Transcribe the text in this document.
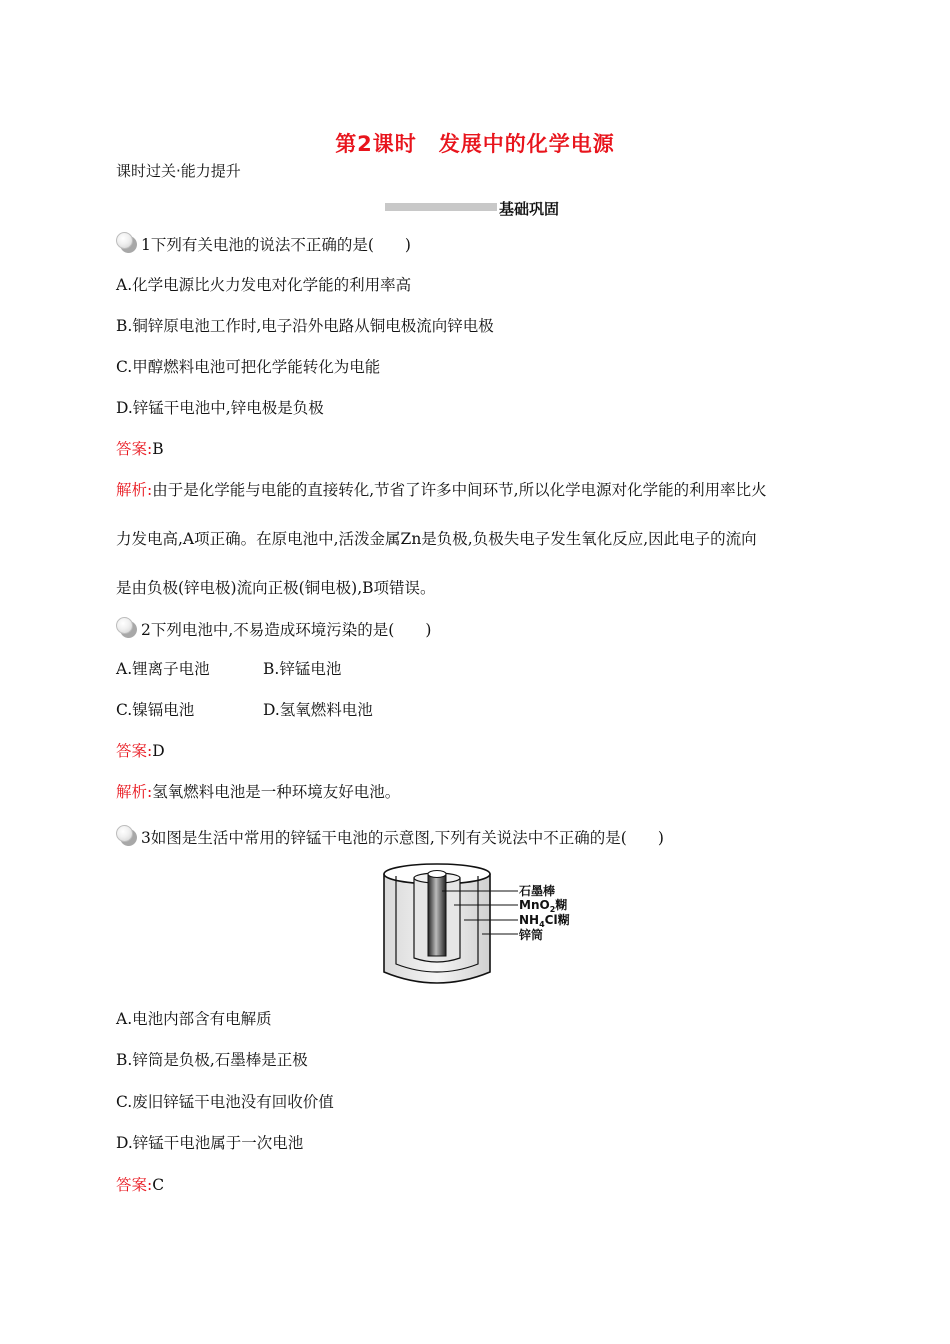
第2课时　发展中的化学电源
课时过关·能力提升
基础巩固
1下列有关电池的说法不正确的是(　　)
A.化学电源比火力发电对化学能的利用率高
B.铜锌原电池工作时,电子沿外电路从铜电极流向锌电极
C.甲醇燃料电池可把化学能转化为电能
D.锌锰干电池中,锌电极是负极
答案:B
解析:由于是化学能与电能的直接转化,节省了许多中间环节,所以化学电源对化学能的利用率比火
力发电高,A项正确。在原电池中,活泼金属Zn是负极,负极失电子发生氧化反应,因此电子的流向
是由负极(锌电极)流向正极(铜电极),B项错误。
2下列电池中,不易造成环境污染的是(　　)
A.锂离子电池	B.锌锰电池
C.镍镉电池	D.氢氧燃料电池
答案:D
解析:氢氧燃料电池是一种环境友好电池。
3如图是生活中常用的锌锰干电池的示意图,下列有关说法中不正确的是(　　)
石墨棒
MnO$_2$糊
$NH_4Cl$糊
锌筒
A.电池内部含有电解质
B.锌筒是负极,石墨棒是正极
C.废旧锌锰干电池没有回收价值
D.锌锰干电池属于一次电池
答案:C
